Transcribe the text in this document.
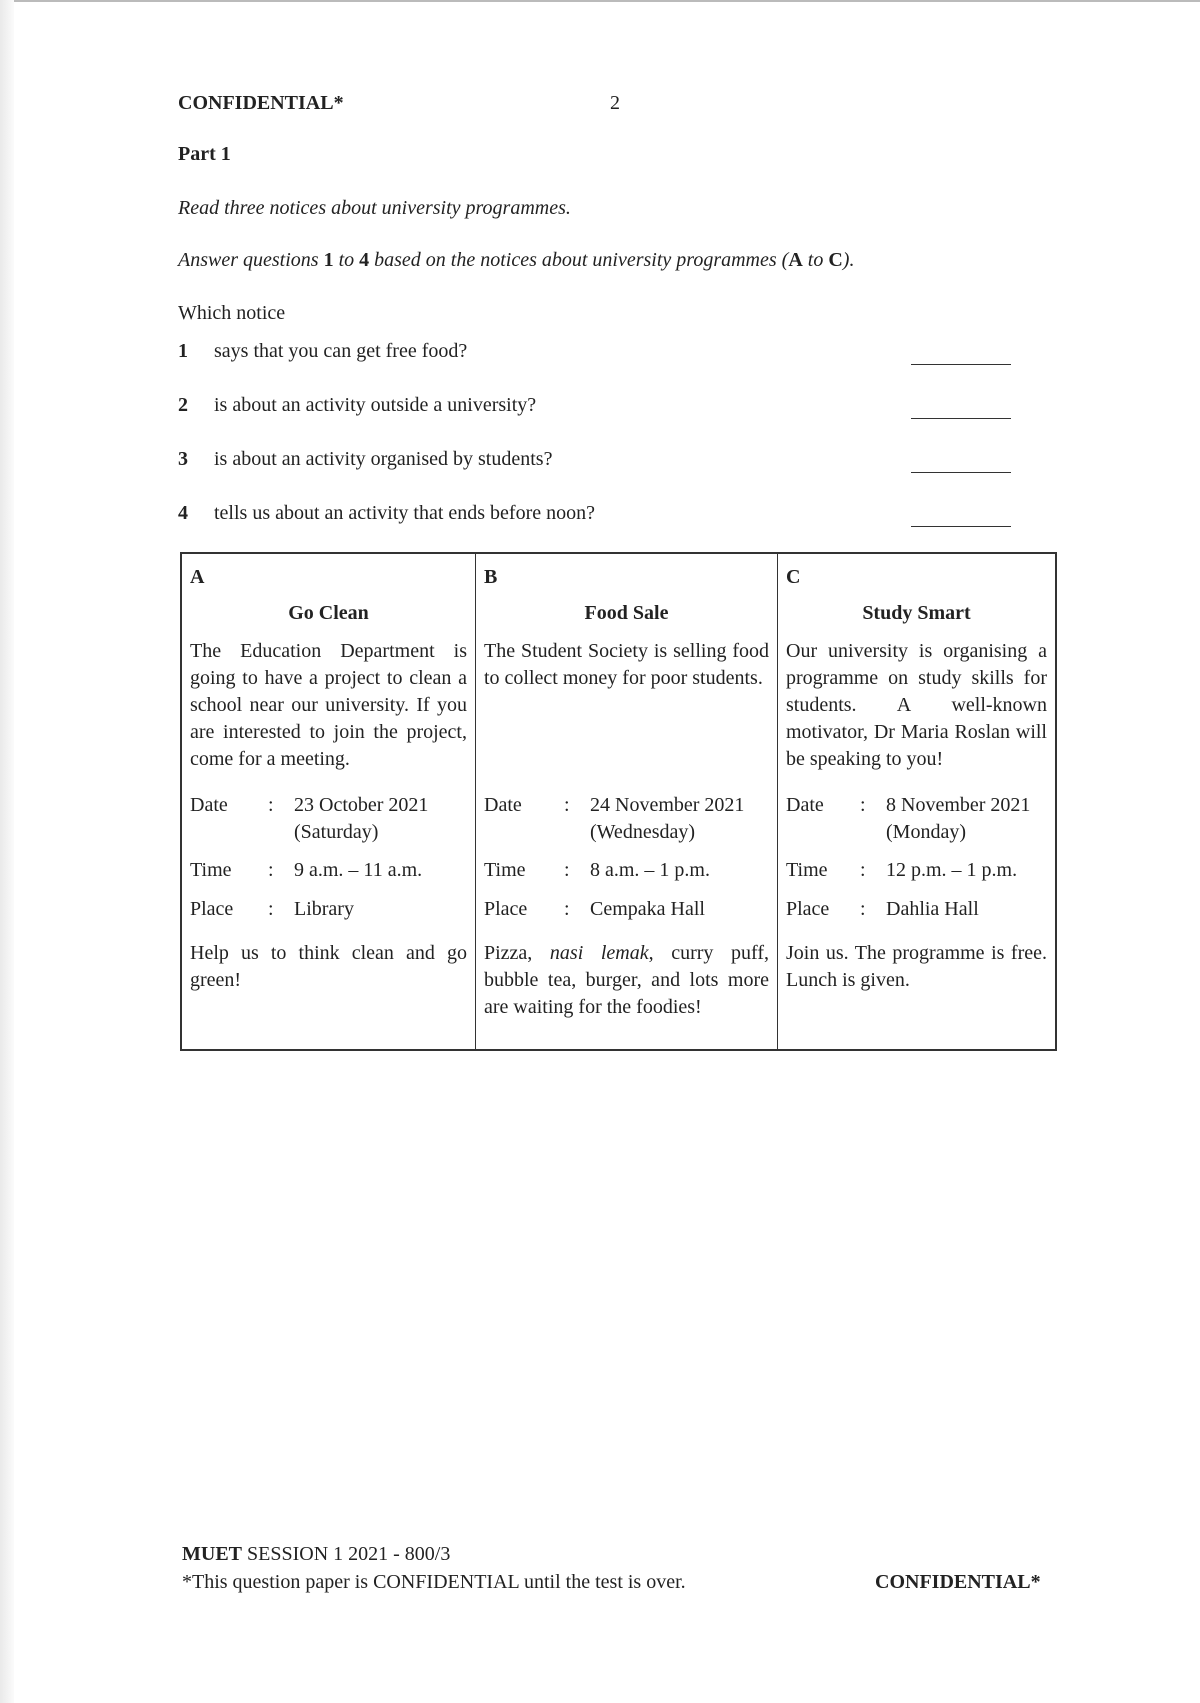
CONFIDENTIAL*	2
Part 1
Read three notices about university programmes.
Answer questions 1 to 4 based on the notices about university programmes (A to C).
Which notice
1 says that you can get free food?
2 is about an activity outside a university?
3 is about an activity organised by students?
4 tells us about an activity that ends before noon?
A
Go Clean
The Education Department is going to have a project to clean a school near our university. If you are interested to join the project, come for a meeting.
Date : 23 October 2021
(Saturday)
Time : 9 a.m. – 11 a.m.
Place : Library
Help us to think clean and go green!
B
Food Sale
The Student Society is selling food to collect money for poor students.
Date : 24 November 2021
(Wednesday)
Time : 8 a.m. – 1 p.m.
Place : Cempaka Hall
Pizza, nasi lemak, curry puff, bubble tea, burger, and lots more are waiting for the foodies!
C
Study Smart
Our university is organising a programme on study skills for students. A well-known motivator, Dr Maria Roslan will be speaking to you!
Date : 8 November 2021
(Monday)
Time : 12 p.m. – 1 p.m.
Place : Dahlia Hall
Join us. The programme is free. Lunch is given.
MUET SESSION 1 2021 - 800/3
*This question paper is CONFIDENTIAL until the test is over.	CONFIDENTIAL*
